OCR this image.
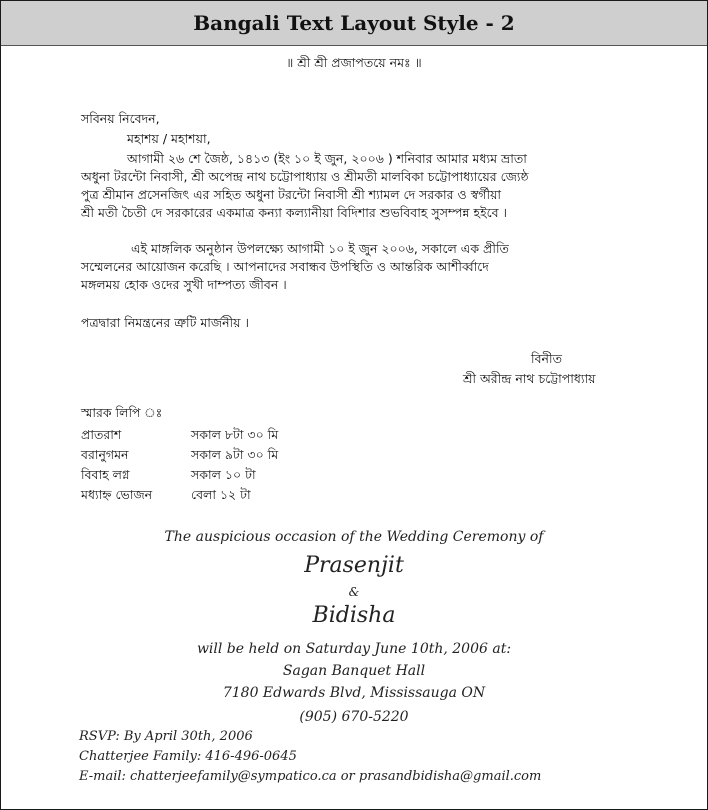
Bangali Text Layout Style - 2
॥ শ্রী শ্রী প্রজাপতয়ে নমঃ ॥
সবিনয় নিবেদন,
মহাশয় / মহাশয়া,
আগামী ২৬ শে জৈষ্ঠ, ১৪১৩ (ইং ১০ ই জুন, ২০০৬ ) শনিবার আমার মধ্যম ভ্রাতা
অধুনা টরন্টো নিবাসী, শ্রী অপেন্দ্র নাথ চট্টোপাধ্যায় ও শ্রীমতী মালবিকা চট্টোপাধ্যায়ের জ্যেষ্ঠ
পুত্র শ্রীমান প্রসেনজিৎ এর সহিত অধুনা টরন্টো নিবাসী শ্রী শ্যামল দে সরকার ও স্বর্গীয়া
শ্রী মতী চৈতী দে সরকারের একমাত্র কন্যা কল্যানীয়া বিদিশার শুভবিবাহ সুসম্পন্ন হইবে ।
এই মাঙ্গলিক অনুষ্ঠান উপলক্ষ্যে আগামী ১০ ই জুন ২০০৬, সকালে এক প্রীতি
সম্মেলনের আয়োজন করেছি । আপনাদের সবান্ধব উপস্থিতি ও আন্তরিক আশীর্ব্বাদে
মঙ্গলময় হোক ওদের সুখী দাম্পত্য জীবন ।
পত্রদ্বারা নিমন্ত্রনের ত্রুটি মার্জনীয় ।
বিনীত
শ্রী অরীন্দ্র নাথ চট্টোপাধ্যায়
স্মারক লিপি ঃ
প্রাতরাশ	সকাল ৮টা ৩০ মি
বরানুগমন	সকাল ৯টা ৩০ মি
বিবাহ লগ্ন	সকাল ১০ টা
মধ্যাহ্ন ভোজন	বেলা ১২ টা
The auspicious occasion of the Wedding Ceremony of
Prasenjit
&
Bidisha
will be held on Saturday June 10th, 2006 at:
Sagan Banquet Hall
7180 Edwards Blvd, Mississauga ON
(905) 670-5220
RSVP: By April 30th, 2006
Chatterjee Family: 416-496-0645
E-mail: chatterjeefamily@sympatico.ca or prasandbidisha@gmail.com
